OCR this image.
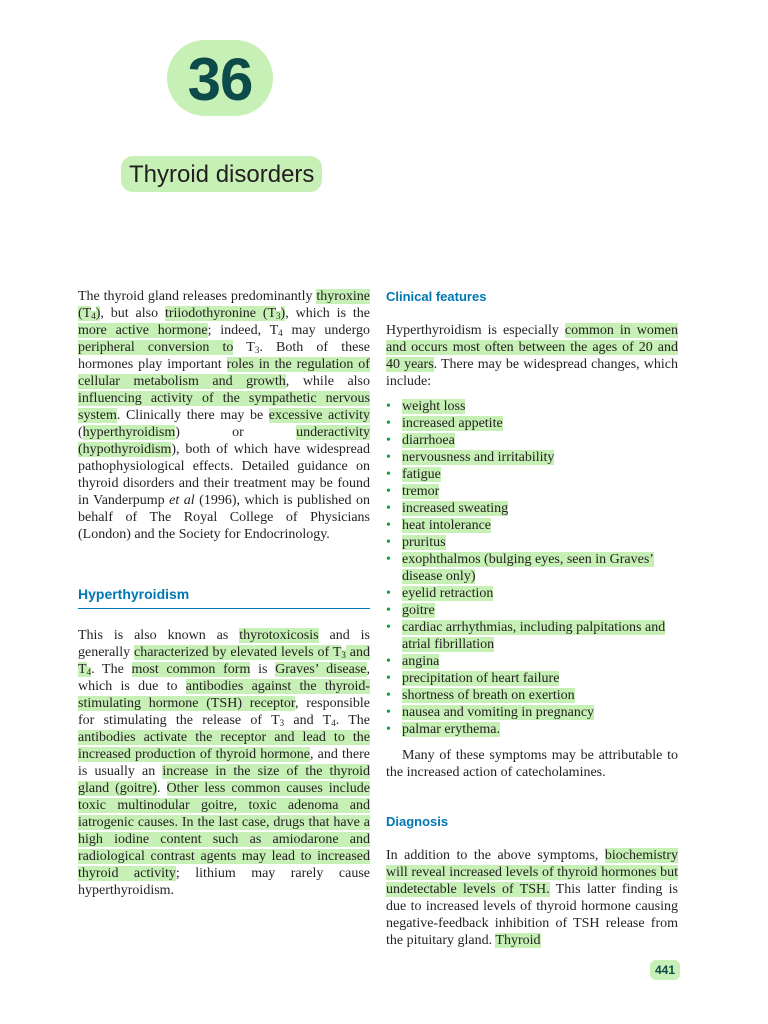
36
Thyroid disorders

The thyroid gland releases predominantly thyroxine $(T_4)$, but also triiodothyronine $(T_3)$, which is the more active hormone; indeed, $T_4$ may undergo peripheral conversion to $T_3$. Both of these hormones play important roles in the regulation of cellular metabolism and growth, while also influencing activity of the sympathetic nervous system. Clinically there may be excessive activity (hyperthyroidism) or underactivity (hypothyroidism), both of which have widespread pathophysiological effects. Detailed guidance on thyroid disorders and their treatment may be found in Vanderpump et al (1996), which is published on behalf of The Royal College of Physicians (London) and the Society for Endocrinology.

Hyperthyroidism

This is also known as thyrotoxicosis and is generally characterized by elevated levels of $T_3$ and $T_4$. The most common form is Graves’ disease, which is due to antibodies against the thyroid-stimulating hormone (TSH) receptor, responsible for stimulating the release of $T_3$ and $T_4$. The antibodies activate the receptor and lead to the increased production of thyroid hormone, and there is usually an increase in the size of the thyroid gland (goitre). Other less common causes include toxic multinodular goitre, toxic adenoma and iatrogenic causes. In the last case, drugs that have a high iodine content such as amiodarone and radiological contrast agents may lead to increased thyroid activity; lithium may rarely cause hyperthyroidism.

Clinical features

Hyperthyroidism is especially common in women and occurs most often between the ages of 20 and 40 years. There may be widespread changes, which include:

• weight loss
• increased appetite
• diarrhoea
• nervousness and irritability
• fatigue
• tremor
• increased sweating
• heat intolerance
• pruritus
• exophthalmos (bulging eyes, seen in Graves’ disease only)
• eyelid retraction
• goitre
• cardiac arrhythmias, including palpitations and atrial fibrillation
• angina
• precipitation of heart failure
• shortness of breath on exertion
• nausea and vomiting in pregnancy
• palmar erythema.

Many of these symptoms may be attributable to the increased action of catecholamines.

Diagnosis

In addition to the above symptoms, biochemistry will reveal increased levels of thyroid hormones but undetectable levels of TSH. This latter finding is due to increased levels of thyroid hormone causing negative-feedback inhibition of TSH release from the pituitary gland. Thyroid

441
